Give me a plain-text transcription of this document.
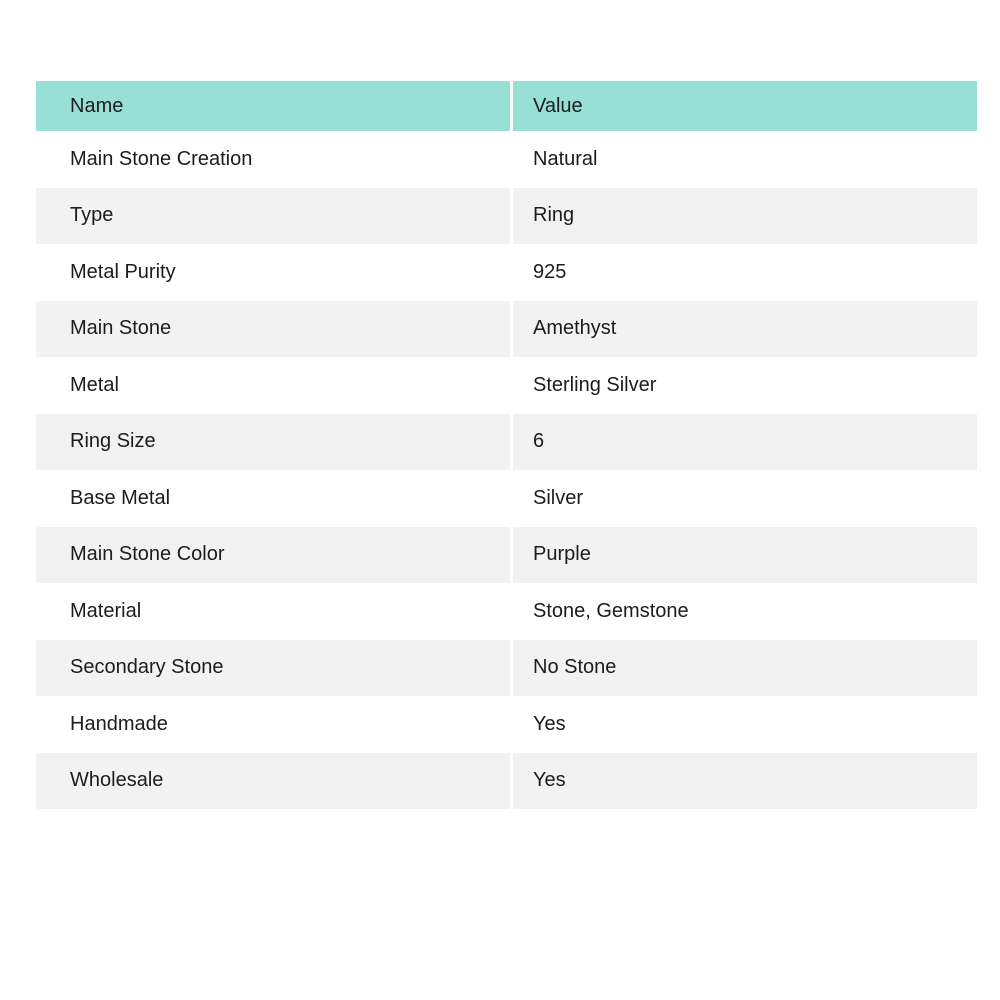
Name	Value
Main Stone Creation	Natural
Type	Ring
Metal Purity	925
Main Stone	Amethyst
Metal	Sterling Silver
Ring Size	6
Base Metal	Silver
Main Stone Color	Purple
Material	Stone, Gemstone
Secondary Stone	No Stone
Handmade	Yes
Wholesale	Yes
